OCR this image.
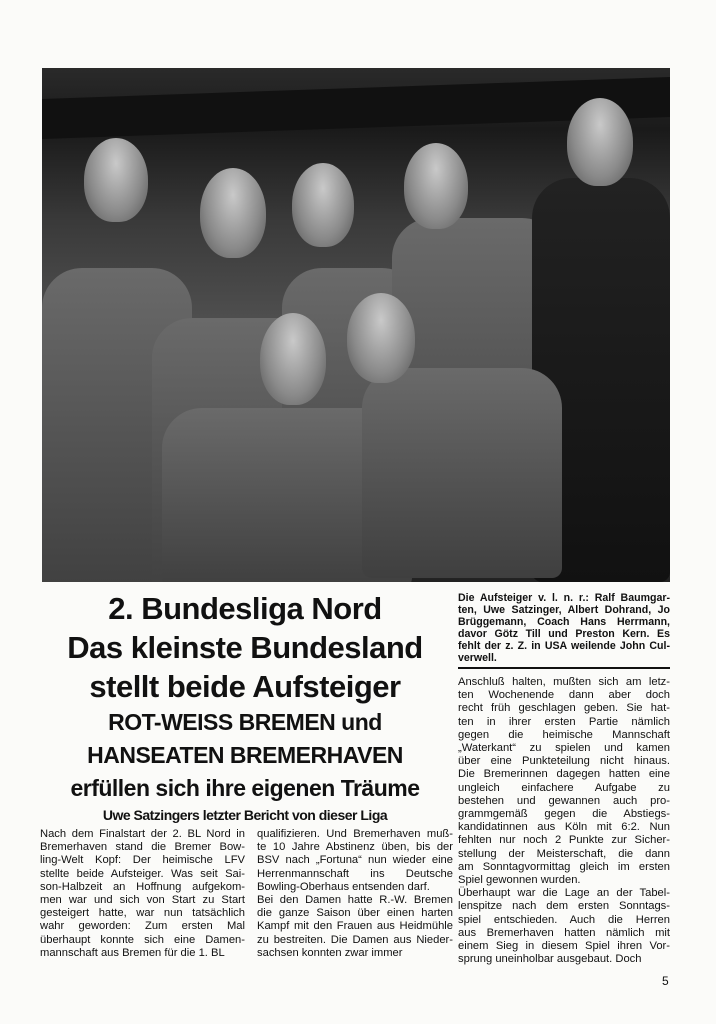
2. Bundesliga Nord
Das kleinste Bundesland
stellt beide Aufsteiger
ROT-WEISS BREMEN und
HANSEATEN BREMERHAVEN
erfüllen sich ihre eigenen Träume
Uwe Satzingers letzter Bericht von dieser Liga
Die Aufsteiger v. l. n. r.: Ralf Baumgar-
ten, Uwe Satzinger, Albert Dohrand, Jo
Brüggemann, Coach Hans Herrmann,
davor Götz Till und Preston Kern. Es
fehlt der z. Z. in USA weilende John Cul-
verwell.
Nach dem Finalstart der 2. BL Nord in
Bremerhaven stand die Bremer Bow-
ling-Welt Kopf: Der heimische LFV
stellte beide Aufsteiger. Was seit Sai-
son-Halbzeit an Hoffnung aufgekom-
men war und sich von Start zu Start
gesteigert hatte, war nun tatsächlich
wahr geworden: Zum ersten Mal
überhaupt konnte sich eine Damen-
mannschaft aus Bremen für die 1. BL
qualifizieren. Und Bremerhaven muß-
te 10 Jahre Abstinenz üben, bis der
BSV nach „Fortuna“ nun wieder eine
Herrenmannschaft ins Deutsche
Bowling-Oberhaus entsenden darf.
Bei den Damen hatte R.-W. Bremen
die ganze Saison über einen harten
Kampf mit den Frauen aus Heidmühle
zu bestreiten. Die Damen aus Nieder-
sachsen konnten zwar immer
Anschluß halten, mußten sich am letz-
ten Wochenende dann aber doch
recht früh geschlagen geben. Sie hat-
ten in ihrer ersten Partie nämlich
gegen die heimische Mannschaft
„Waterkant“ zu spielen und kamen
über eine Punkteteilung nicht hinaus.
Die Bremerinnen dagegen hatten eine
ungleich einfachere Aufgabe zu
bestehen und gewannen auch pro-
grammgemäß gegen die Abstiegs-
kandidatinnen aus Köln mit 6:2. Nun
fehlten nur noch 2 Punkte zur Sicher-
stellung der Meisterschaft, die dann
am Sonntagvormittag gleich im ersten
Spiel gewonnen wurden.
Überhaupt war die Lage an der Tabel-
lenspitze nach dem ersten Sonntags-
spiel entschieden. Auch die Herren
aus Bremerhaven hatten nämlich mit
einem Sieg in diesem Spiel ihren Vor-
sprung uneinholbar ausgebaut. Doch
5
